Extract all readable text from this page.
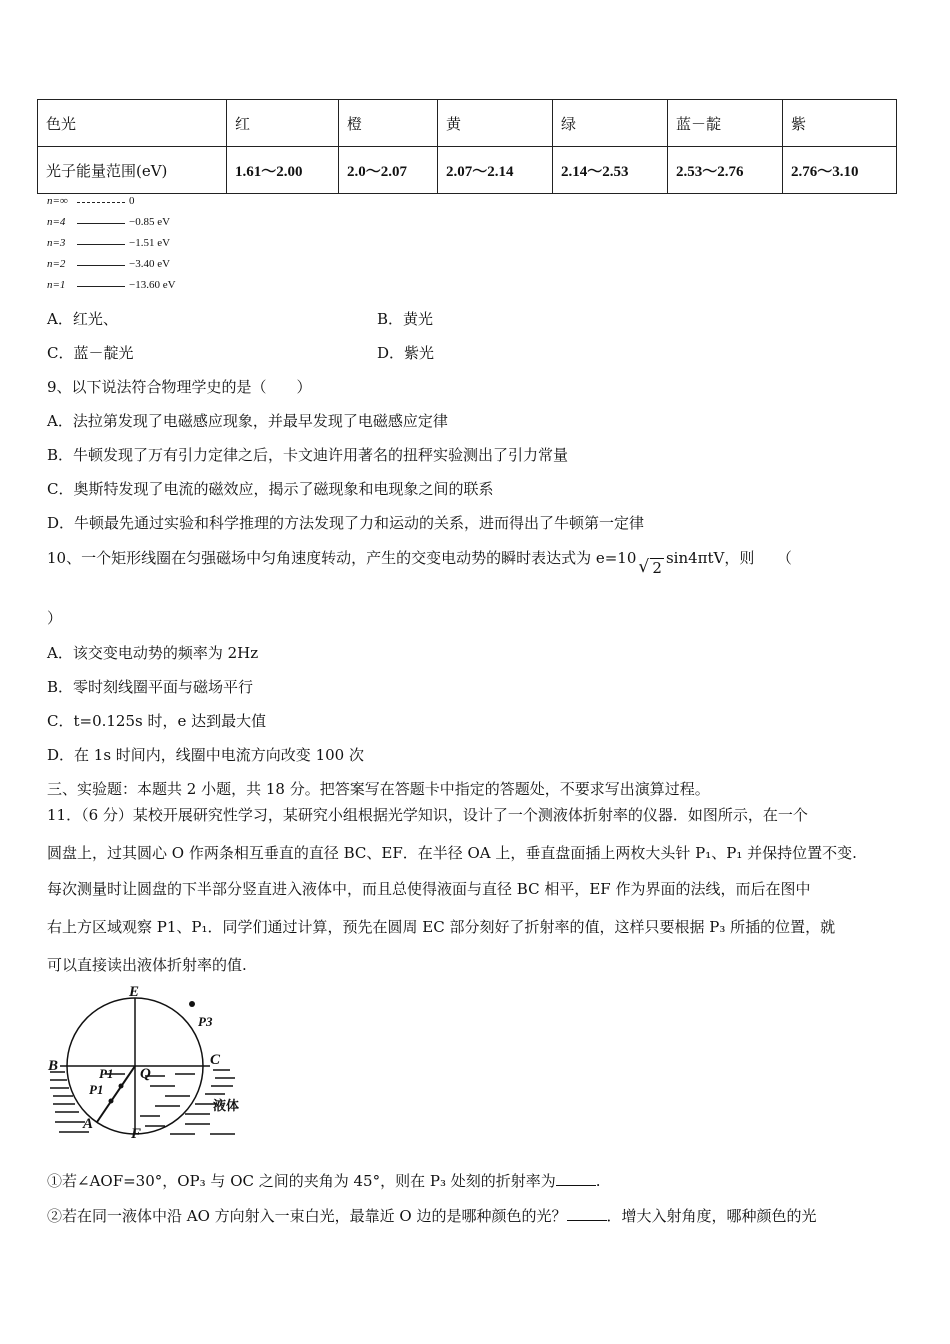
色光	红	橙	黄	绿	蓝－靛	紫
光子能量范围(eV)	1.61～2.00	2.0～2.07	2.07～2.14	2.14～2.53	2.53～2.76	2.76～3.10
n=∞	0
n=4	−0.85 eV
n=3	−1.51 eV
n=2	−3.40 eV
n=1	−13.60 eV
A．红光、	B．黄光
C．蓝－靛光	D．紫光
9、以下说法符合物理学史的是（　　）
A．法拉第发现了电磁感应现象，并最早发现了电磁感应定律
B．牛顿发现了万有引力定律之后，卡文迪许用著名的扭秤实验测出了引力常量
C．奥斯特发现了电流的磁效应，揭示了磁现象和电现象之间的联系
D．牛顿最先通过实验和科学推理的方法发现了力和运动的关系，进而得出了牛顿第一定律
10、一个矩形线圈在匀强磁场中匀角速度转动，产生的交变电动势的瞬时表达式为 e=10√ 2sin4πtV，则　　（
）
A．该交变电动势的频率为 2Hz
B．零时刻线圈平面与磁场平行
C．t=0.125s 时，e 达到最大值
D．在 1s 时间内，线圈中电流方向改变 100 次
三、实验题：本题共 2 小题，共 18 分。把答案写在答题卡中指定的答题处，不要求写出演算过程。
11．（6 分）某校开展研究性学习，某研究小组根据光学知识，设计了一个测液体折射率的仪器．如图所示，在一个
圆盘上，过其圆心 O 作两条相互垂直的直径 BC、EF．在半径 OA 上，垂直盘面插上两枚大头针 P₁、P₁ 并保持位置不变.
每次测量时让圆盘的下半部分竖直进入液体中，而且总使得液面与直径 BC 相平，EF 作为界面的法线，而后在图中
右上方区域观察 P1、P₁．同学们通过计算，预先在圆周 EC 部分刻好了折射率的值，这样只要根据 P₃ 所插的位置，就
可以直接读出液体折射率的值.
E
P3
B	C
Q
P1
P1
A
F
液体
①若∠AOF=30°，OP₃ 与 OC 之间的夹角为 45°，则在 P₃ 处刻的折射率为	.
②若在同一液体中沿 AO 方向射入一束白光，最靠近 O 边的是哪种颜色的光？	．增大入射角度，哪种颜色的光
